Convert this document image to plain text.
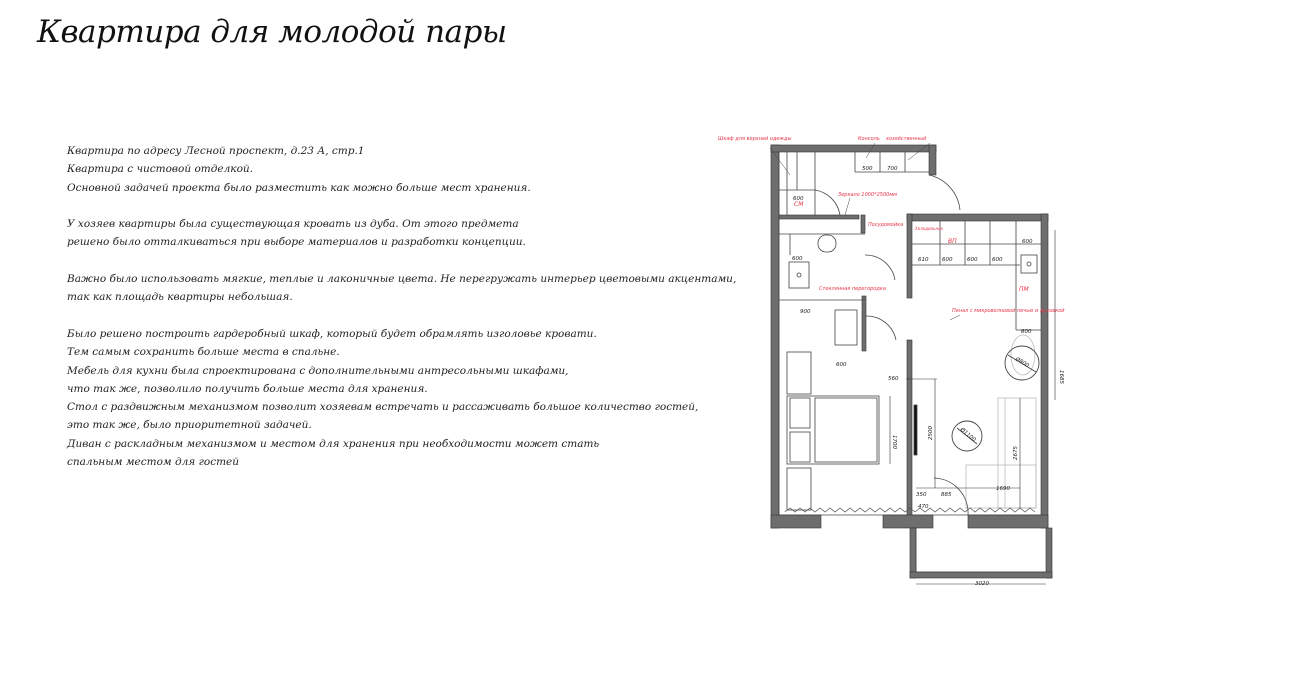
Квартира для молодой пары
Квартира по адресу Лесной проспект, д.23 А, стр.1
Квартира с чистовой отделкой.
Основной задачей проекта было разместить как можно больше мест хранения.
У хозяев квартиры была существующая кровать из дуба. От этого предмета
решено было отталкиваться при выборе материалов и разработки концепции.
Важно было использовать мягкие, теплые и лаконичные цвета. Не перегружать интерьер цветовыми акцентами,
так как площадь квартиры небольшая.
Было решено построить гардеробный шкаф, который будет обрамлять изголовье кровати.
Тем самым сохранить больше места в спальне.
Мебель для кухни была спроектирована с дополнительными антресольными шкафами,
что так же, позволило получить больше места для хранения.
Стол с раздвижным механизмом позволит хозяевам встречать и рассаживать большое количество гостей,
это так же, было приоритетной задачей.
Диван с раскладным механизмом и местом для хранения при необходимости может стать
спальным местом для гостей
500	700
600
600
900
600
560
610 600	600	600
600
600
1690
350	885
470
3020
2500
2675
1685
1700	Ø1100
Ø800
Шкаф для верхней одежды	Консоль хозяйственный
Зеркало 1000*2500мм
Посудомойка
Стеклянная перегородка
Пенал с микроволновой печью и духовкой
СМ
ВП
ПМ
Холодильник
